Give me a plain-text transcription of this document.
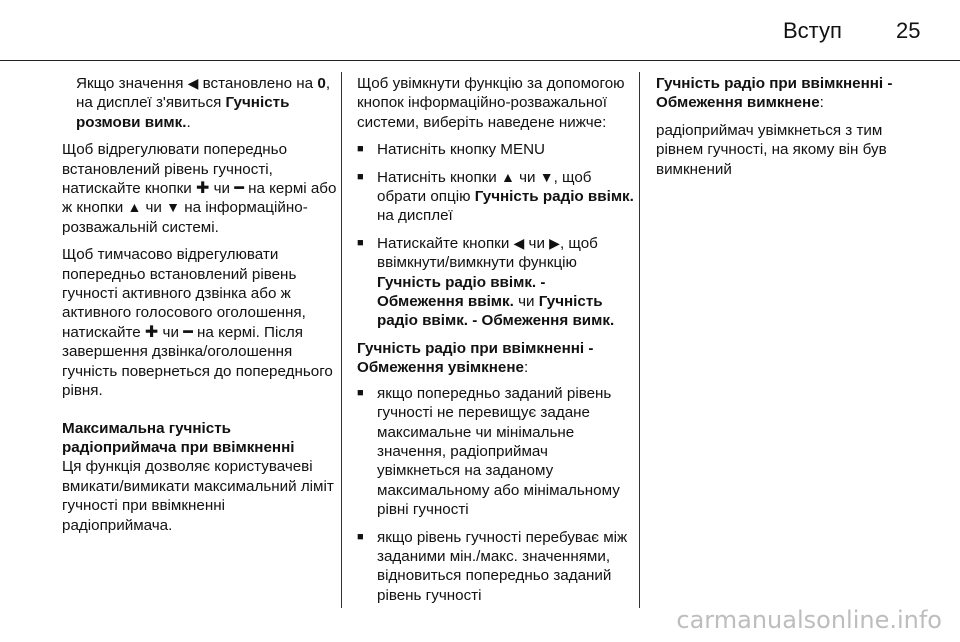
Вступ 25

Якщо значення ◀ встановлено на 0, на дисплеї з'явиться Гучність розмови вимк..

Щоб відрегулювати попередньо встановлений рівень гучності, натискайте кнопки ✚ чи ━ на кермі або ж кнопки ▲ чи ▼ на інформаційно-розважальній системі.

Щоб тимчасово відрегулювати попередньо встановлений рівень гучності активного дзвінка або ж активного голосового оголошення, натискайте ✚ чи ━ на кермі. Після завершення дзвінка/оголошення гучність повернеться до попереднього рівня.

Максимальна гучність радіоприймача при ввімкненні

Ця функція дозволяє користувачеві вмикати/вимикати максимальний ліміт гучності при ввімкненні радіоприймача.

Щоб увімкнути функцію за допомогою кнопок інформаційно-розважальної системи, виберіть наведене нижче:

■ Натисніть кнопку MENU
■ Натисніть кнопки ▲ чи ▼, щоб обрати опцію Гучність радіо ввімк. на дисплеї
■ Натискайте кнопки ◀ чи ▶, щоб ввімкнути/вимкнути функцію Гучність радіо ввімк. - Обмеження ввімк. чи Гучність радіо ввімк. - Обмеження вимк.

Гучність радіо при ввімкненні - Обмеження увімкнене:

■ якщо попередньо заданий рівень гучності не перевищує задане максимальне чи мінімальне значення, радіоприймач увімкнеться на заданому максимальному або мінімальному рівні гучності
■ якщо рівень гучності перебуває між заданими мін./макс. значеннями, відновиться попередньо заданий рівень гучності

Гучність радіо при ввімкненні - Обмеження вимкнене:

радіоприймач увімкнеться з тим рівнем гучності, на якому він був вимкнений

carmanualsonline.info
